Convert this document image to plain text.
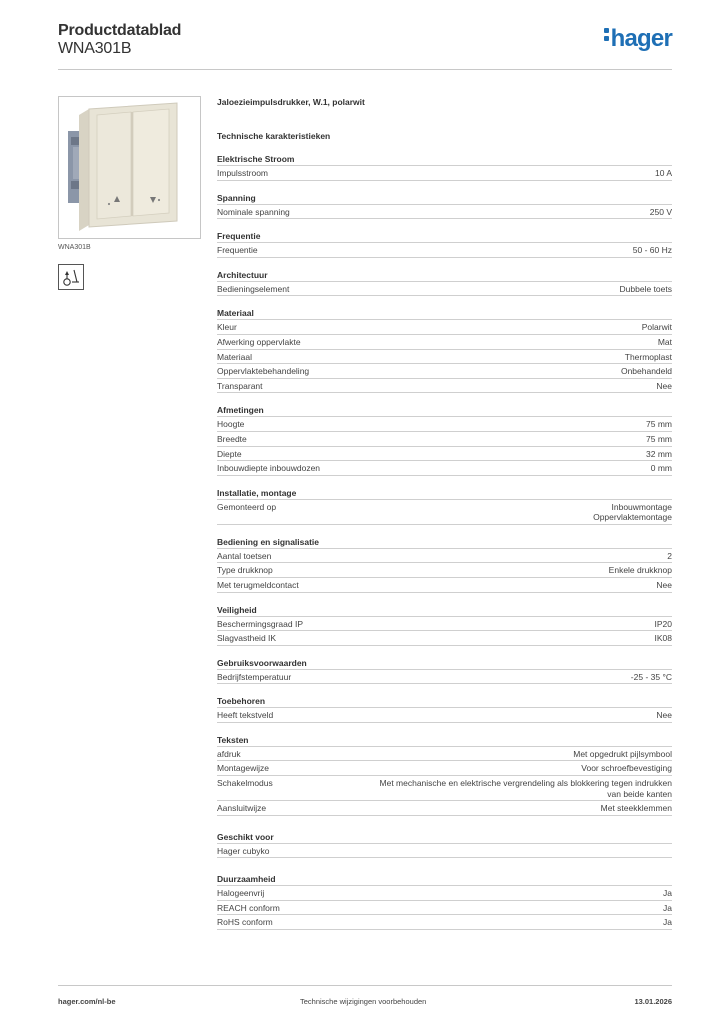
Productdatablad
WNA301B	hager
WNA301B
Jaloezieimpulsdrukker, W.1, polarwit
Technische karakteristieken
Elektrische Stroom
Impulsstroom	10 A
Spanning
Nominale spanning	250 V
Frequentie
Frequentie	50 - 60 Hz
Architectuur
Bedieningselement	Dubbele toets
Materiaal
Kleur	Polarwit
Afwerking oppervlakte	Mat
Materiaal	Thermoplast
Oppervlaktebehandeling	Onbehandeld
Transparant	Nee
Afmetingen
Hoogte	75 mm
Breedte	75 mm
Diepte	32 mm
Inbouwdiepte inbouwdozen	0 mm
Installatie, montage
Gemonteerd op	Inbouwmontage
Oppervlaktemontage
Bediening en signalisatie
Aantal toetsen	2
Type drukknop	Enkele drukknop
Met terugmeldcontact	Nee
Veiligheid
Beschermingsgraad IP	IP20
Slagvastheid IK	IK08
Gebruiksvoorwaarden
Bedrijfstemperatuur	-25 - 35 °C
Toebehoren
Heeft tekstveld	Nee
Teksten
afdruk	Met opgedrukt pijlsymbool
Montagewijze	Voor schroefbevestiging
Schakelmodus	Met mechanische en elektrische vergrendeling als blokkering tegen indrukken
van beide kanten
Aansluitwijze	Met steekklemmen
Geschikt voor
Hager cubyko
Duurzaamheid
Halogeenvrij	Ja
REACH conform	Ja
RoHS conform	Ja
hager.com/nl-be	Technische wijzigingen voorbehouden	13.01.2026
